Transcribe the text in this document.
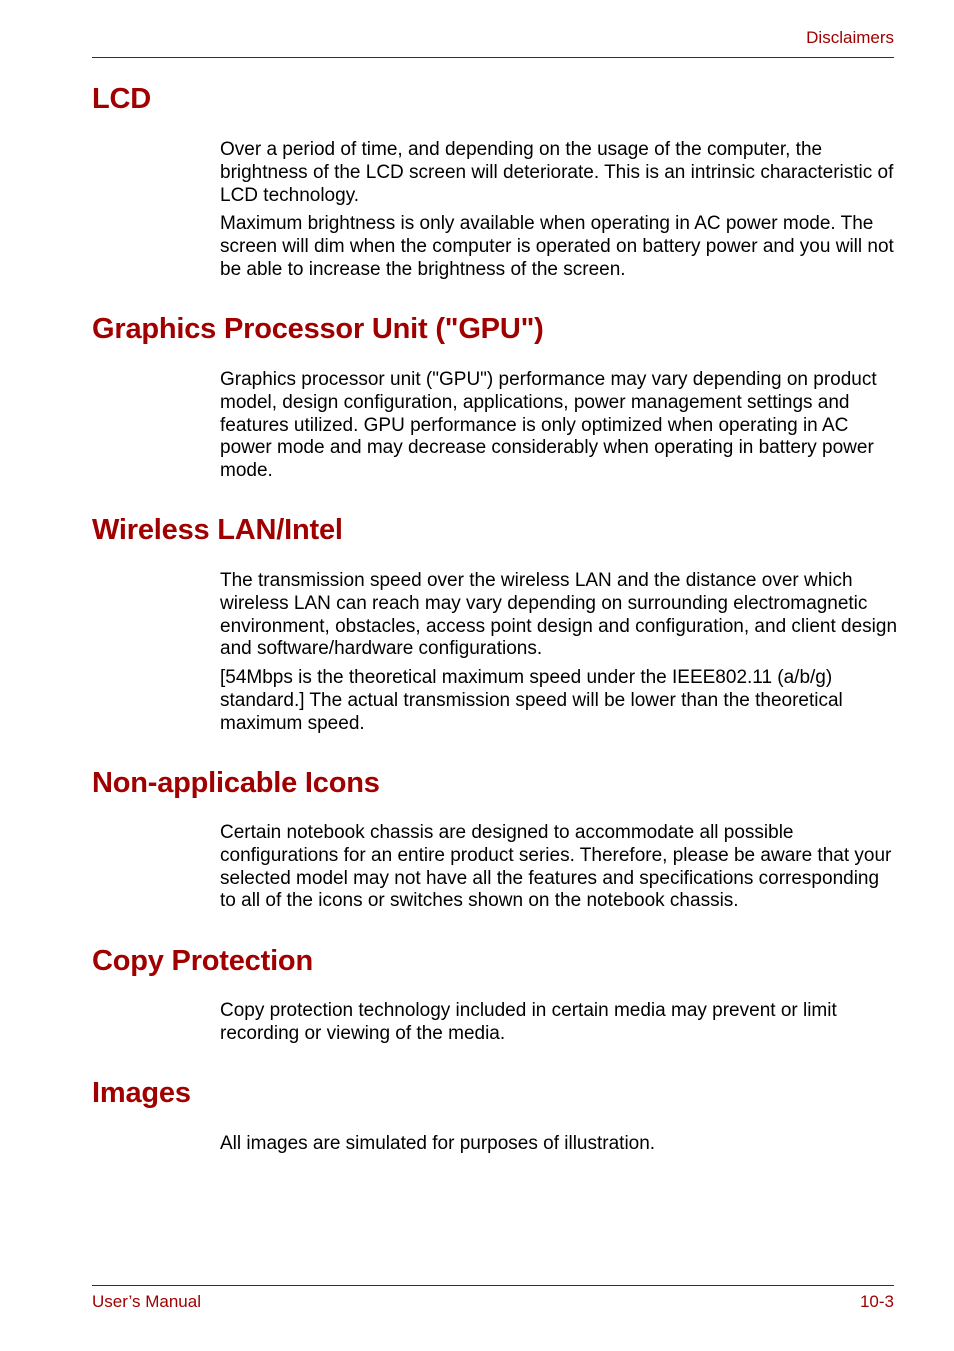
Disclaimers
LCD

Over a period of time, and depending on the usage of the computer, the brightness of the LCD screen will deteriorate. This is an intrinsic characteristic of LCD technology.

Maximum brightness is only available when operating in AC power mode. The screen will dim when the computer is operated on battery power and you will not be able to increase the brightness of the screen.

Graphics Processor Unit ("GPU")

Graphics processor unit ("GPU") performance may vary depending on product model, design configuration, applications, power management settings and features utilized. GPU performance is only optimized when operating in AC power mode and may decrease considerably when operating in battery power mode.

Wireless LAN/Intel

The transmission speed over the wireless LAN and the distance over which wireless LAN can reach may vary depending on surrounding electromagnetic environment, obstacles, access point design and configuration, and client design and software/hardware configurations.

[54Mbps is the theoretical maximum speed under the IEEE802.11 (a/b/g) standard.] The actual transmission speed will be lower than the theoretical maximum speed.

Non-applicable Icons

Certain notebook chassis are designed to accommodate all possible configurations for an entire product series. Therefore, please be aware that your selected model may not have all the features and specifications corresponding to all of the icons or switches shown on the notebook chassis.

Copy Protection

Copy protection technology included in certain media may prevent or limit recording or viewing of the media.

Images

All images are simulated for purposes of illustration.

User’s Manual	10-3
